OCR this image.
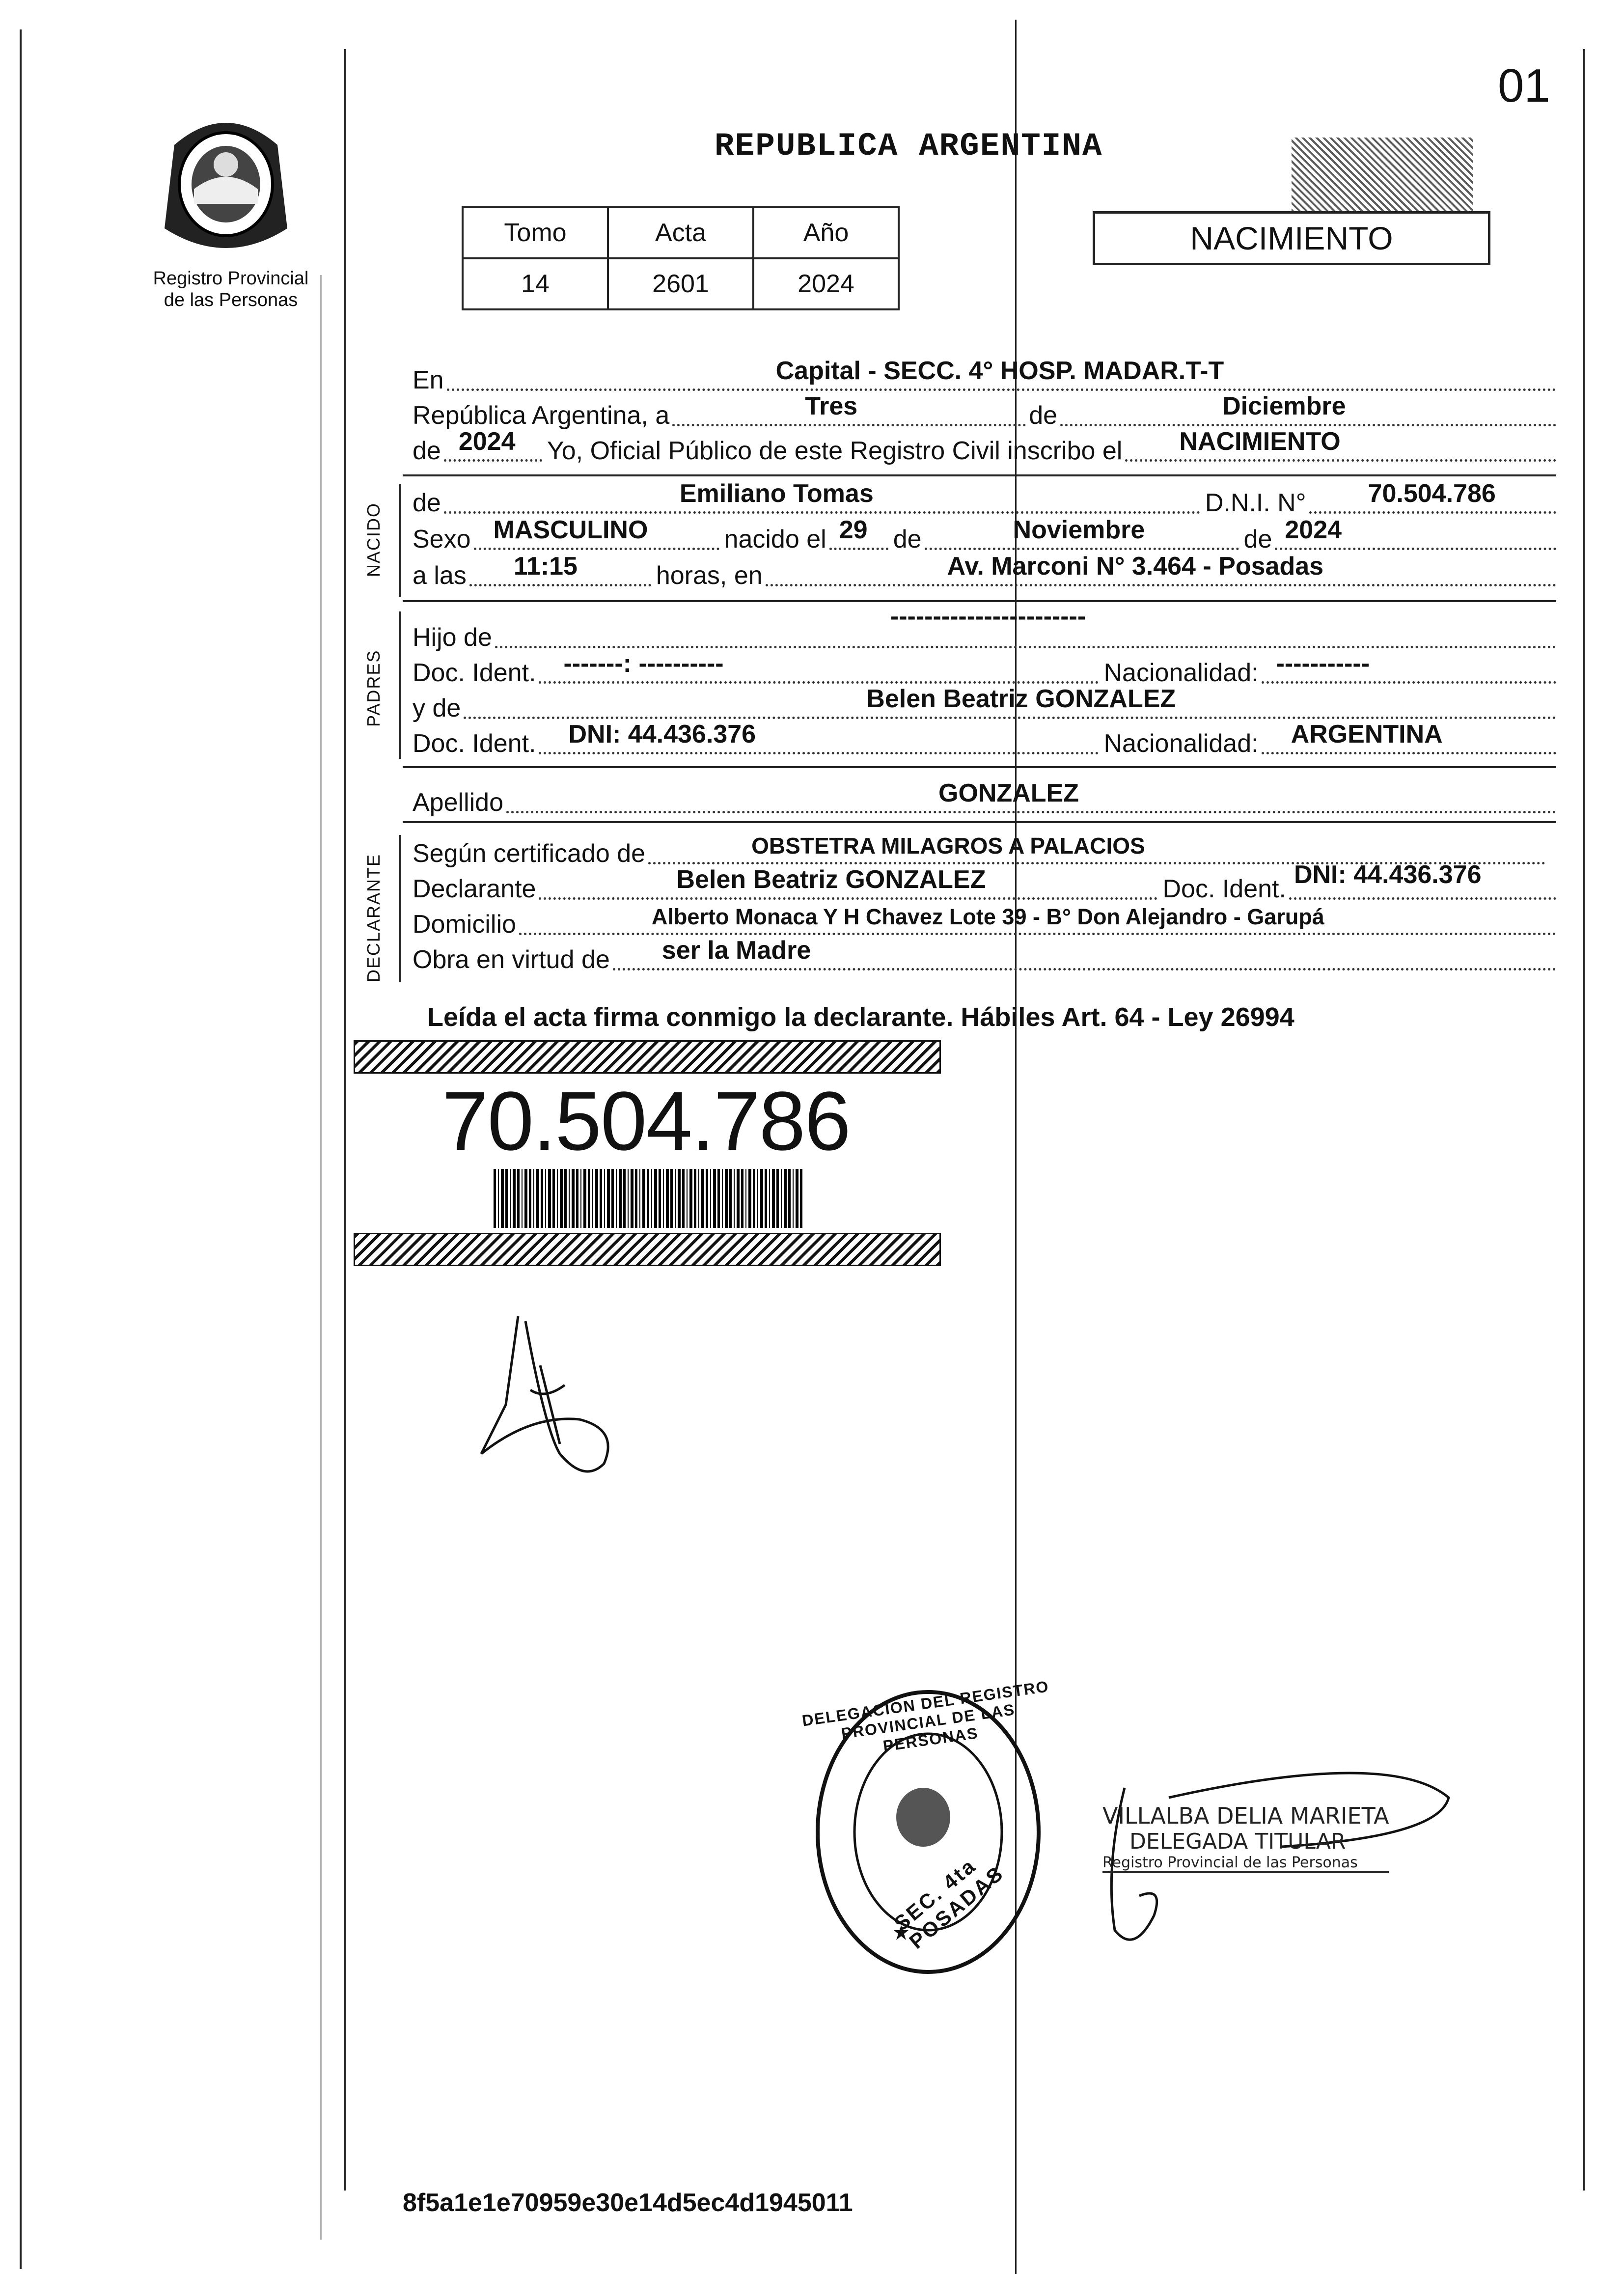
01
Registro Provincial
de las Personas
REPUBLICA ARGENTINA
NACIMIENTO
Tomo	Acta	Año
14	2601	2024
En	Capital - SECC. 4° HOSP. MADAR.T-T
República Argentina, a	Tres	de	Diciembre
de 2024 Yo, Oficial Público de este Registro Civil inscribo el NACIMIENTO
NACIDO de	Emiliano Tomas	D.N.I. N° 70.504.786
Sexo MASCULINO	nacido el 29 de	Noviembre	de 2024
a las 11:15	horas, en	Av. Marconi N° 3.464 - Posadas
PADRES
Hijo de
-----------------------
Doc. Ident. -------: ----------	Nacionalidad: -----------
y de	Belen Beatriz GONZALEZ
Doc. Ident. DNI: 44.436.376	Nacionalidad: ARGENTINA
Apellido	GONZALEZ
DECLARANTE Según certificado de	OBSTETRA MILAGROS A PALACIOS
Declarante	Belen Beatriz GONZALEZ	Doc. Ident. DNI: 44.436.376
Domicilio	Alberto Monaca Y H Chavez Lote 39 - B° Don Alejandro - Garupá
Obra en virtud de ser la Madre
Leída el acta firma conmigo la declarante. Hábiles Art. 64 - Ley 26994
70.504.786
DELEGACION DEL REGISTRO PROVINCIAL DE LAS PERSONAS
SEC. 4ta POSADAS
VILLALBA DELIA MARIETA
DELEGADA TITULAR
Registro Provincial de las Personas
8f5a1e1e70959e30e14d5ec4d1945011
